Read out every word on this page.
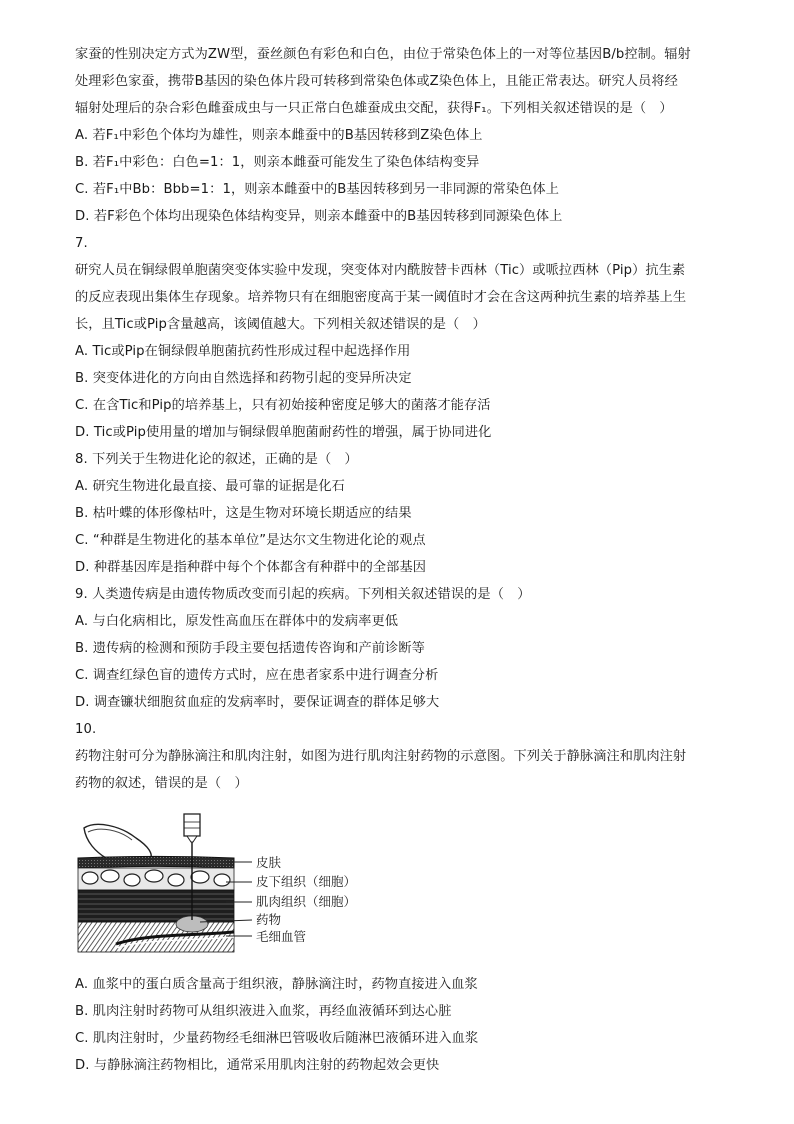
家蚕的性别决定方式为ZW型，蚕丝颜色有彩色和白色，由位于常染色体上的一对等位基因B/b控制。辐射
处理彩色家蚕，携带B基因的染色体片段可转移到常染色体或Z染色体上，且能正常表达。研究人员将经
辐射处理后的杂合彩色雌蚕成虫与一只正常白色雄蚕成虫交配，获得F₁。下列相关叙述错误的是（　）
A. 若F₁中彩色个体均为雄性，则亲本雌蚕中的B基因转移到Z染色体上
B. 若F₁中彩色：白色=1：1，则亲本雌蚕可能发生了染色体结构变异
C. 若F₁中Bb：Bbb=1：1，则亲本雌蚕中的B基因转移到另一非同源的常染色体上
D. 若F彩色个体均出现染色体结构变异，则亲本雌蚕中的B基因转移到同源染色体上
7.
研究人员在铜绿假单胞菌突变体实验中发现，突变体对内酰胺替卡西林（Tic）或哌拉西林（Pip）抗生素
的反应表现出集体生存现象。培养物只有在细胞密度高于某一阈值时才会在含这两种抗生素的培养基上生
长，且Tic或Pip含量越高，该阈值越大。下列相关叙述错误的是（　）
A. Tic或Pip在铜绿假单胞菌抗药性形成过程中起选择作用
B. 突变体进化的方向由自然选择和药物引起的变异所决定
C. 在含Tic和Pip的培养基上，只有初始接种密度足够大的菌落才能存活
D. Tic或Pip使用量的增加与铜绿假单胞菌耐药性的增强，属于协同进化
8. 下列关于生物进化论的叙述，正确的是（　）
A. 研究生物进化最直接、最可靠的证据是化石
B. 枯叶蝶的体形像枯叶，这是生物对环境长期适应的结果
C. “种群是生物进化的基本单位”是达尔文生物进化论的观点
D. 种群基因库是指种群中每个个体都含有种群中的全部基因
9. 人类遗传病是由遗传物质改变而引起的疾病。下列相关叙述错误的是（　）
A. 与白化病相比，原发性高血压在群体中的发病率更低
B. 遗传病的检测和预防手段主要包括遗传咨询和产前诊断等
C. 调查红绿色盲的遗传方式时，应在患者家系中进行调查分析
D. 调查镰状细胞贫血症的发病率时，要保证调查的群体足够大
10.
药物注射可分为静脉滴注和肌肉注射，如图为进行肌肉注射药物的示意图。下列关于静脉滴注和肌肉注射
药物的叙述，错误的是（　）
皮肤
皮下组织（细胞）
肌肉组织（细胞）
药物
毛细血管
A. 血浆中的蛋白质含量高于组织液，静脉滴注时，药物直接进入血浆
B. 肌肉注射时药物可从组织液进入血浆，再经血液循环到达心脏
C. 肌肉注射时，少量药物经毛细淋巴管吸收后随淋巴液循环进入血浆
D. 与静脉滴注药物相比，通常采用肌肉注射的药物起效会更快
